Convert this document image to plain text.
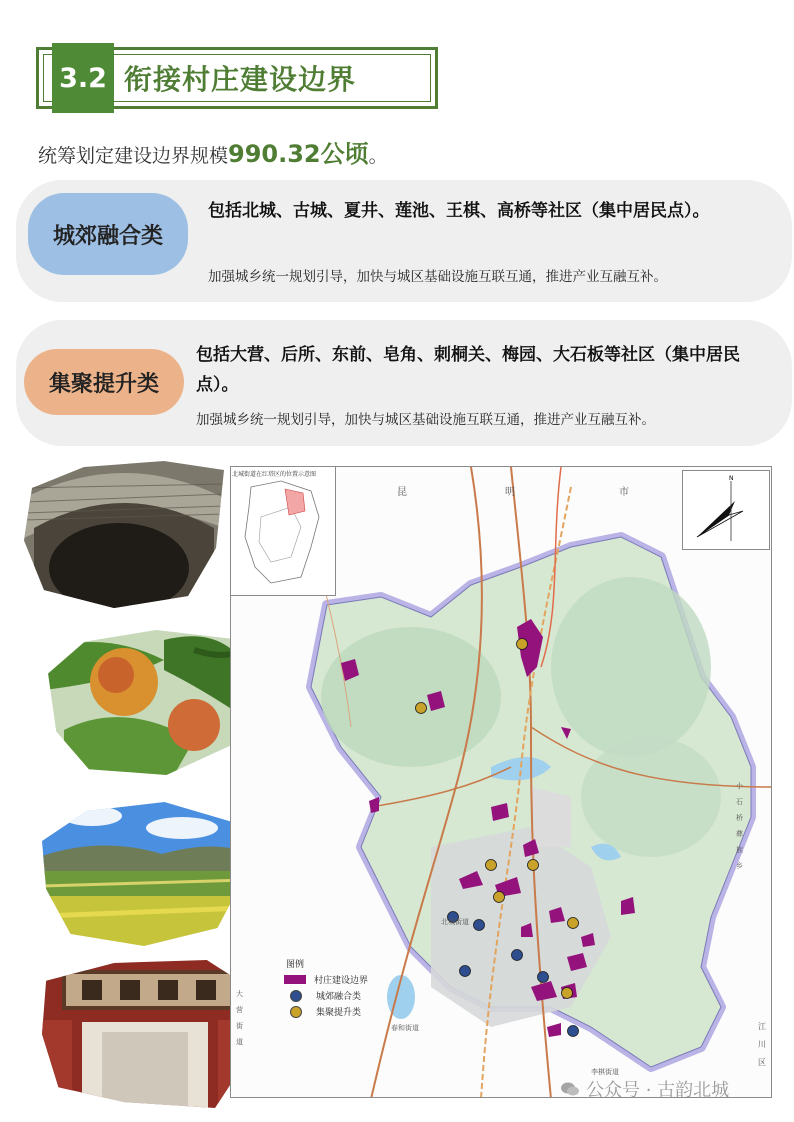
3.2 衔接村庄建设边界
统筹划定建设边界规模990.32公顷。
城郊融合类
包括北城、古城、夏井、莲池、王棋、高桥等社区（集中居民点）。
加强城乡统一规划引导，加快与城区基础设施互联互通，推进产业互融互补。
集聚提升类
包括大营、后所、东前、皂角、刺桐关、梅园、大石板等社区（集中居民点）。
加强城乡统一规划引导，加快与城区基础设施互联互通，推进产业互融互补。
昆	明	市
北城街道
春和街道
李棋街道
小
石
桥
彝
族
乡
江
川
区
大
营
街
道
北城街道在红塔区的位置示意图
N
图例
村庄建设边界
城郊融合类
集聚提升类
公众号 · 古韵北城
